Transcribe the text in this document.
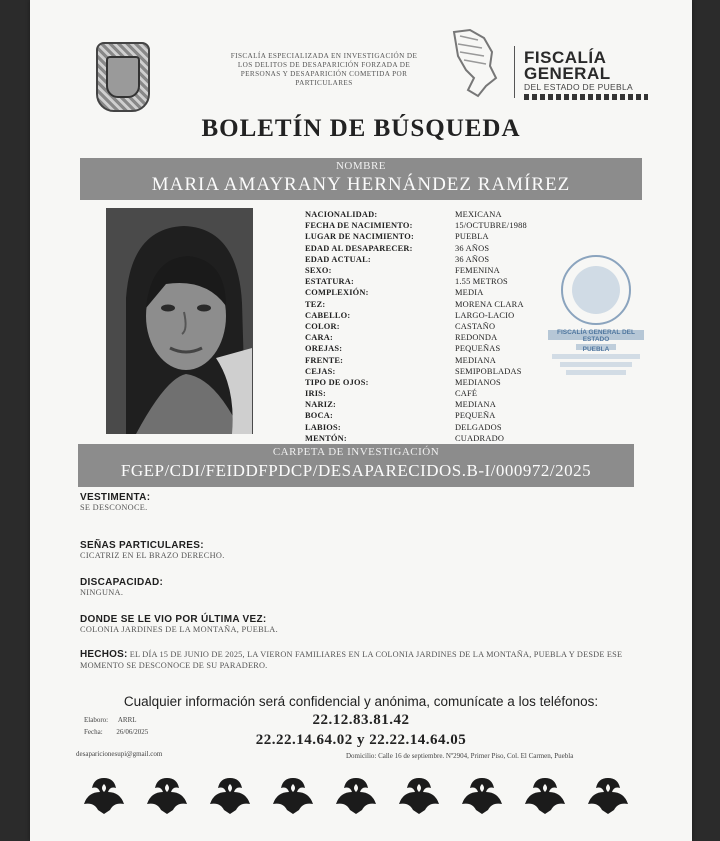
FISCALÍA ESPECIALIZADA EN INVESTIGACIÓN DE
LOS DELITOS DE DESAPARICIÓN FORZADA DE
PERSONAS Y DESAPARICIÓN COMETIDA POR
PARTICULARES
FISCALÍA
GENERAL
DEL ESTADO DE PUEBLA
BOLETÍN DE BÚSQUEDA
NOMBRE
MARIA AMAYRANY HERNÁNDEZ RAMÍREZ
NACIONALIDAD:	MEXICANA
FECHA DE NACIMIENTO:	15/OCTUBRE/1988
LUGAR DE NACIMIENTO:	PUEBLA
EDAD AL DESAPARECER:	36 AÑOS
EDAD ACTUAL:	36 AÑOS
SEXO:	FEMENINA
ESTATURA:	1.55 METROS
COMPLEXIÓN:	MEDIA
TEZ:	MORENA CLARA
CABELLO:	LARGO-LACIO
COLOR:	CASTAÑO
CARA:	REDONDA
OREJAS:	PEQUEÑAS
FRENTE:	MEDIANA
CEJAS:	SEMIPOBLADAS
TIPO DE OJOS:	MEDIANOS
IRIS:	CAFÉ
NARIZ:	MEDIANA
BOCA:	PEQUEÑA
LABIOS:	DELGADOS
MENTÓN:	CUADRADO
FISCALÍA GENERAL DEL ESTADO
PUEBLA
CARPETA DE INVESTIGACIÓN
FGEP/CDI/FEIDDFPDCP/DESAPARECIDOS.B-I/000972/2025
VESTIMENTA:
SE DESCONOCE.
SEÑAS PARTICULARES:
CICATRIZ EN EL BRAZO DERECHO.
DISCAPACIDAD:
NINGUNA.
DONDE SE LE VIO POR ÚLTIMA VEZ:
COLONIA JARDINES DE LA MONTAÑA, PUEBLA.
HECHOS: EL DÍA 15 DE JUNIO DE 2025, LA VIERON FAMILIARES EN LA COLONIA JARDINES DE LA MONTAÑA, PUEBLA Y DESDE ESE MOMENTO SE DESCONOCE DE SU PARADERO.
Cualquier información será confidencial y anónima, comunícate a los teléfonos:
22.12.83.81.42
22.22.14.64.02 y 22.22.14.64.05
Elaboro: ARRL
Fecha: 26/06/2025
desaparicionesupi@gmail.com	Domicilio: Calle 16 de septiembre. Nº2904, Primer Piso, Col. El Carmen, Puebla
